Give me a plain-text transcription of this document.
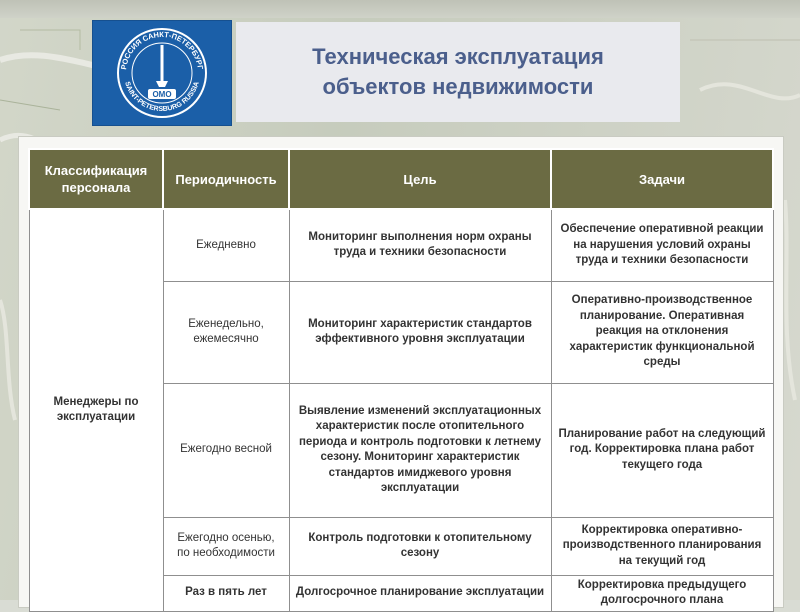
РОССИЯ САНКТ-ПЕТЕРБУРГ
SAINT-PETERSBURG RUSSIA
ОМО
Техническая эксплуатация
объектов недвижимости
Классификация персонала	Периодичность	Цель	Задачи
Менеджеры по эксплуатации	Ежедневно	Мониторинг выполнения норм охраны труда и техники безопасности	Обеспечение оперативной реакции на нарушения условий охраны труда и техники безопасности
	Еженедельно, ежемесячно	Мониторинг характеристик стандартов эффективного уровня эксплуатации	Оперативно-производственное планирование. Оперативная реакция на отклонения характеристик функциональной среды
	Ежегодно весной	Выявление изменений эксплуатационных характеристик после отопительного периода и контроль подготовки к летнему сезону. Мониторинг характеристик стандартов имиджевого уровня эксплуатации	Планирование работ на следующий год. Корректировка плана работ текущего года
	Ежегодно осенью, по необходимости	Контроль подготовки к отопительному сезону	Корректировка оперативно-производственного планирования на текущий год
	Раз в пять лет	Долгосрочное планирование эксплуатации	Корректировка предыдущего долгосрочного плана
